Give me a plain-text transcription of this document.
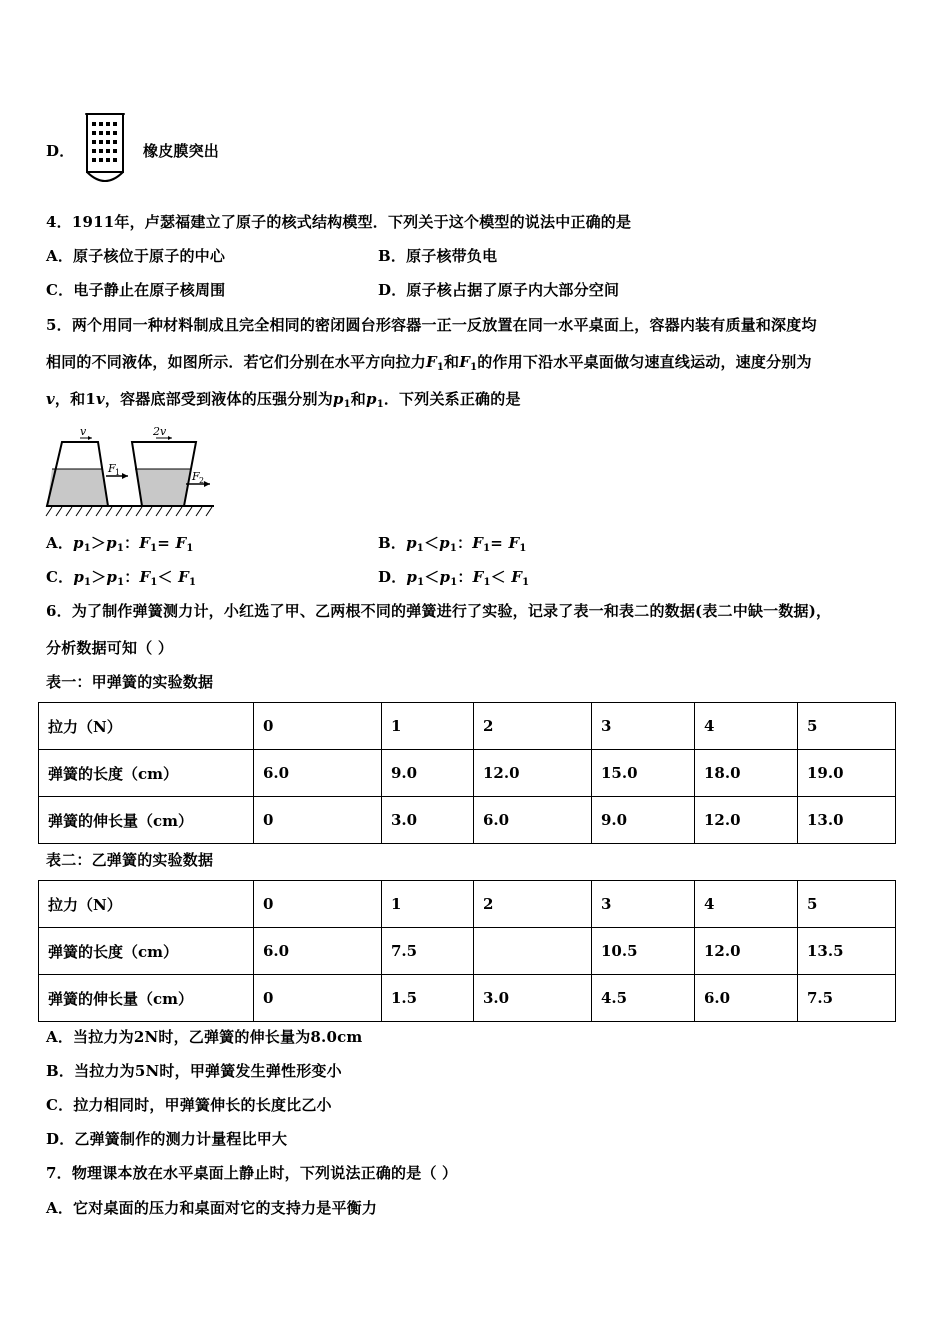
D．	橡皮膜突出
4．1911年，卢瑟福建立了原子的核式结构模型．下列关于这个模型的说法中正确的是
A．原子核位于原子的中心	B．原子核带负电
C．电子静止在原子核周围	D．原子核占据了原子内大部分空间
5．两个用同一种材料制成且完全相同的密闭圆台形容器一正一反放置在同一水平桌面上，容器内装有质量和深度均
相同的不同液体，如图所示．若它们分别在水平方向拉力$F_1$和$F_1$的作用下沿水平桌面做匀速直线运动，速度分别为
v，和1v，容器底部受到液体的压强分别为$p_1$和$p_1$．下列关系正确的是
v	2v
F 1	F 2
A．$p_1>p_1$：$F_1= F_1$	B．$p_1<p_1$：$F_1= F_1$
C．$p_1>p_1$：$F_1< F_1$	D．$p_1<p_1$：$F_1< F_1$
6．为了制作弹簧测力计，小红选了甲、乙两根不同的弹簧进行了实验，记录了表一和表二的数据(表二中缺一数据)，
分析数据可知（ ）
表一：甲弹簧的实验数据
拉力（N）	0	1	2	3	4	5
弹簧的长度（cm）	6.0	9.0	12.0	15.0	18.0	19.0
弹簧的伸长量（cm）	0	3.0	6.0	9.0	12.0	13.0
表二：乙弹簧的实验数据
拉力（N）	0	1	2	3	4	5
弹簧的长度（cm）	6.0	7.5		10.5	12.0	13.5
弹簧的伸长量（cm）	0	1.5	3.0	4.5	6.0	7.5
A．当拉力为2N时，乙弹簧的伸长量为8.0cm
B．当拉力为5N时，甲弹簧发生弹性形变小
C．拉力相同时，甲弹簧伸长的长度比乙小
D．乙弹簧制作的测力计量程比甲大
7．物理课本放在水平桌面上静止时，下列说法正确的是（ ）
A．它对桌面的压力和桌面对它的支持力是平衡力
